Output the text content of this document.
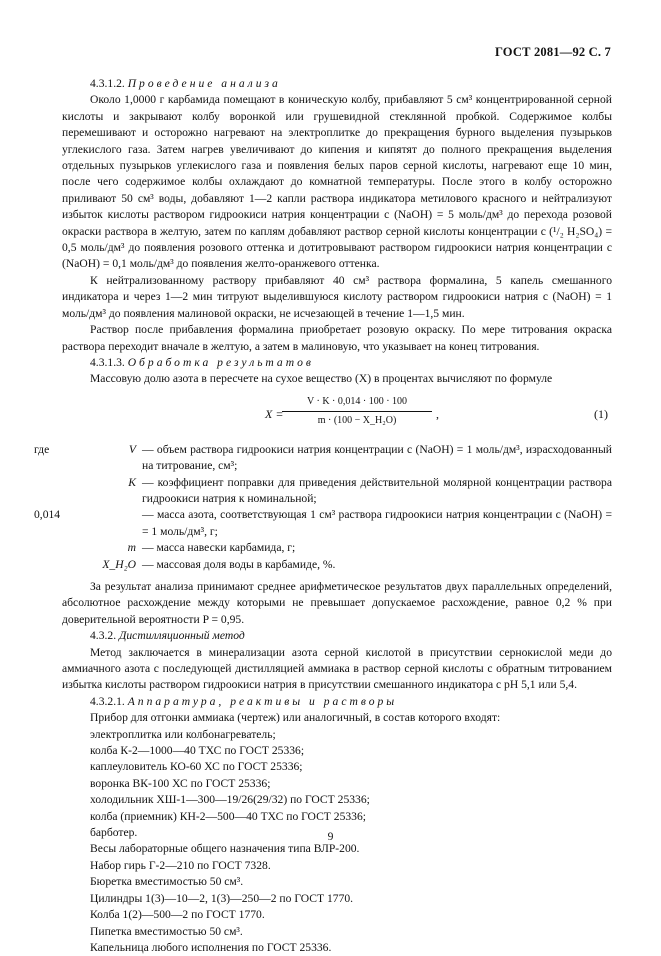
ГОСТ 2081—92 С. 7

4.3.1.2. Проведение анализа

Около 1,0000 г карбамида помещают в коническую колбу, прибавляют 5 см³ концентрированной серной кислоты и закрывают колбу воронкой или грушевидной стеклянной пробкой. Содержимое колбы перемешивают и осторожно нагревают на электроплитке до прекращения бурного выделения пузырьков углекислого газа. Затем нагрев увеличивают до кипения и кипятят до полного прекращения выделения отдельных пузырьков углекислого газа и появления белых паров серной кислоты, нагревают еще 10 мин, после чего содержимое колбы охлаждают до комнатной температуры. После этого в колбу осторожно приливают 50 см³ воды, добавляют 1—2 капли раствора индикатора метилового красного и нейтрализуют избыток кислоты раствором гидроокиси натрия концентрации с (NaOH) = 5 моль/дм³ до перехода розовой окраски раствора в желтую, затем по каплям добавляют раствор серной кислоты концентрации с (¹/₂ H₂SO₄) = 0,5 моль/дм³ до появления розового оттенка и дотитровывают раствором гидроокиси натрия концентрации с (NaOH) = 0,1 моль/дм³ до появления желто-оранжевого оттенка.

К нейтрализованному раствору прибавляют 40 см³ раствора формалина, 5 капель смешанного индикатора и через 1—2 мин титруют выделившуюся кислоту раствором гидроокиси натрия с (NaOH) = 1 моль/дм³ до появления малиновой окраски, не исчезающей в течение 1—1,5 мин.

Раствор после прибавления формалина приобретает розовую окраску. По мере титрования окраска раствора переходит вначале в желтую, а затем в малиновую, что указывает на конец титрования.

4.3.1.3. Обработка результатов

Массовую долю азота в пересчете на сухое вещество (X) в процентах вычисляют по формуле

X =
$\frac{V \cdot K \cdot 0,014 \cdot 100 \cdot 100}{\text{m · (100 − X\_H₂O)}}$ ,	(1)
где	V — объем раствора гидроокиси натрия концентрации с (NaOH) = 1 моль/дм³, израсходованный на титрование, см³;
K — коэффициент поправки для приведения действительной молярной концентрации раствора гидроокиси натрия к номинальной;
0,014	— масса азота, соответствующая 1 см³ раствора гидроокиси натрия концентрации с (NaOH) = = 1 моль/дм³, г;
m — масса навески карбамида, г;
X_H₂O — массовая доля воды в карбамиде, %.

За результат анализа принимают среднее арифметическое результатов двух параллельных определений, абсолютное расхождение между которыми не превышает допускаемое расхождение, равное 0,2 % при доверительной вероятности P = 0,95.

4.3.2. Дистилляционный метод

Метод заключается в минерализации азота серной кислотой в присутствии сернокислой меди до аммиачного азота с последующей дистилляцией аммиака в раствор серной кислоты с обратным титрованием избытка кислоты раствором гидроокиси натрия в присутствии смешанного индикатора с pH 5,1 или 5,4.

4.3.2.1. Аппаратура, реактивы и растворы

Прибор для отгонки аммиака (чертеж) или аналогичный, в состав которого входят:

электроплитка или колбонагреватель;

колба К-2—1000—40 ТХС по ГОСТ 25336;

каплеуловитель КО-60 ХС по ГОСТ 25336;

воронка ВК-100 ХС по ГОСТ 25336;

холодильник ХШ-1—300—19/26(29/32) по ГОСТ 25336;

колба (приемник) КН-2—500—40 ТХС по ГОСТ 25336;

барботер.

Весы лабораторные общего назначения типа ВЛР-200.

Набор гирь Г-2—210 по ГОСТ 7328.

Бюретка вместимостью 50 см³.

Цилиндры 1(3)—10—2, 1(3)—250—2 по ГОСТ 1770.

Колба 1(2)—500—2 по ГОСТ 1770.

Пипетка вместимостью 50 см³.

Капельница любого исполнения по ГОСТ 25336.

9
